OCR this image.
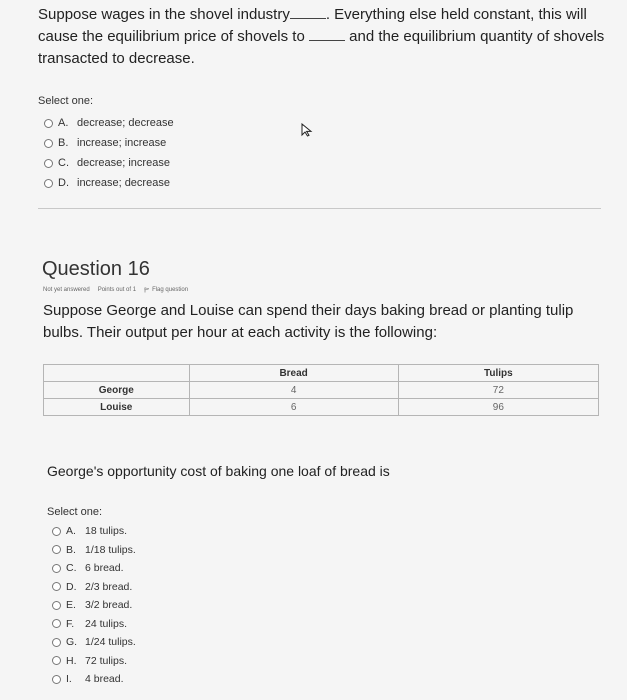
Suppose wages in the shovel industry . Everything else held constant, this will cause the equilibrium price of shovels to	and the equilibrium quantity of shovels transacted to decrease.
Select one:
A. decrease; decrease
B. increase; increase
C. decrease; increase
D. increase; decrease
Question 16
Not yet answered Points out of 1	Flag question
Suppose George and Louise can spend their days baking bread or planting tulip bulbs. Their output per hour at each activity is the following:
	Bread	Tulips
George	4	72
Louise	6	96
George's opportunity cost of baking one loaf of bread is
Select one:
A. 18 tulips.
B. 1/18 tulips.
C. 6 bread.
D. 2/3 bread.
E. 3/2 bread.
F.	24 tulips.
G. 1/24 tulips.
H. 72 tulips.
I.	4 bread.
